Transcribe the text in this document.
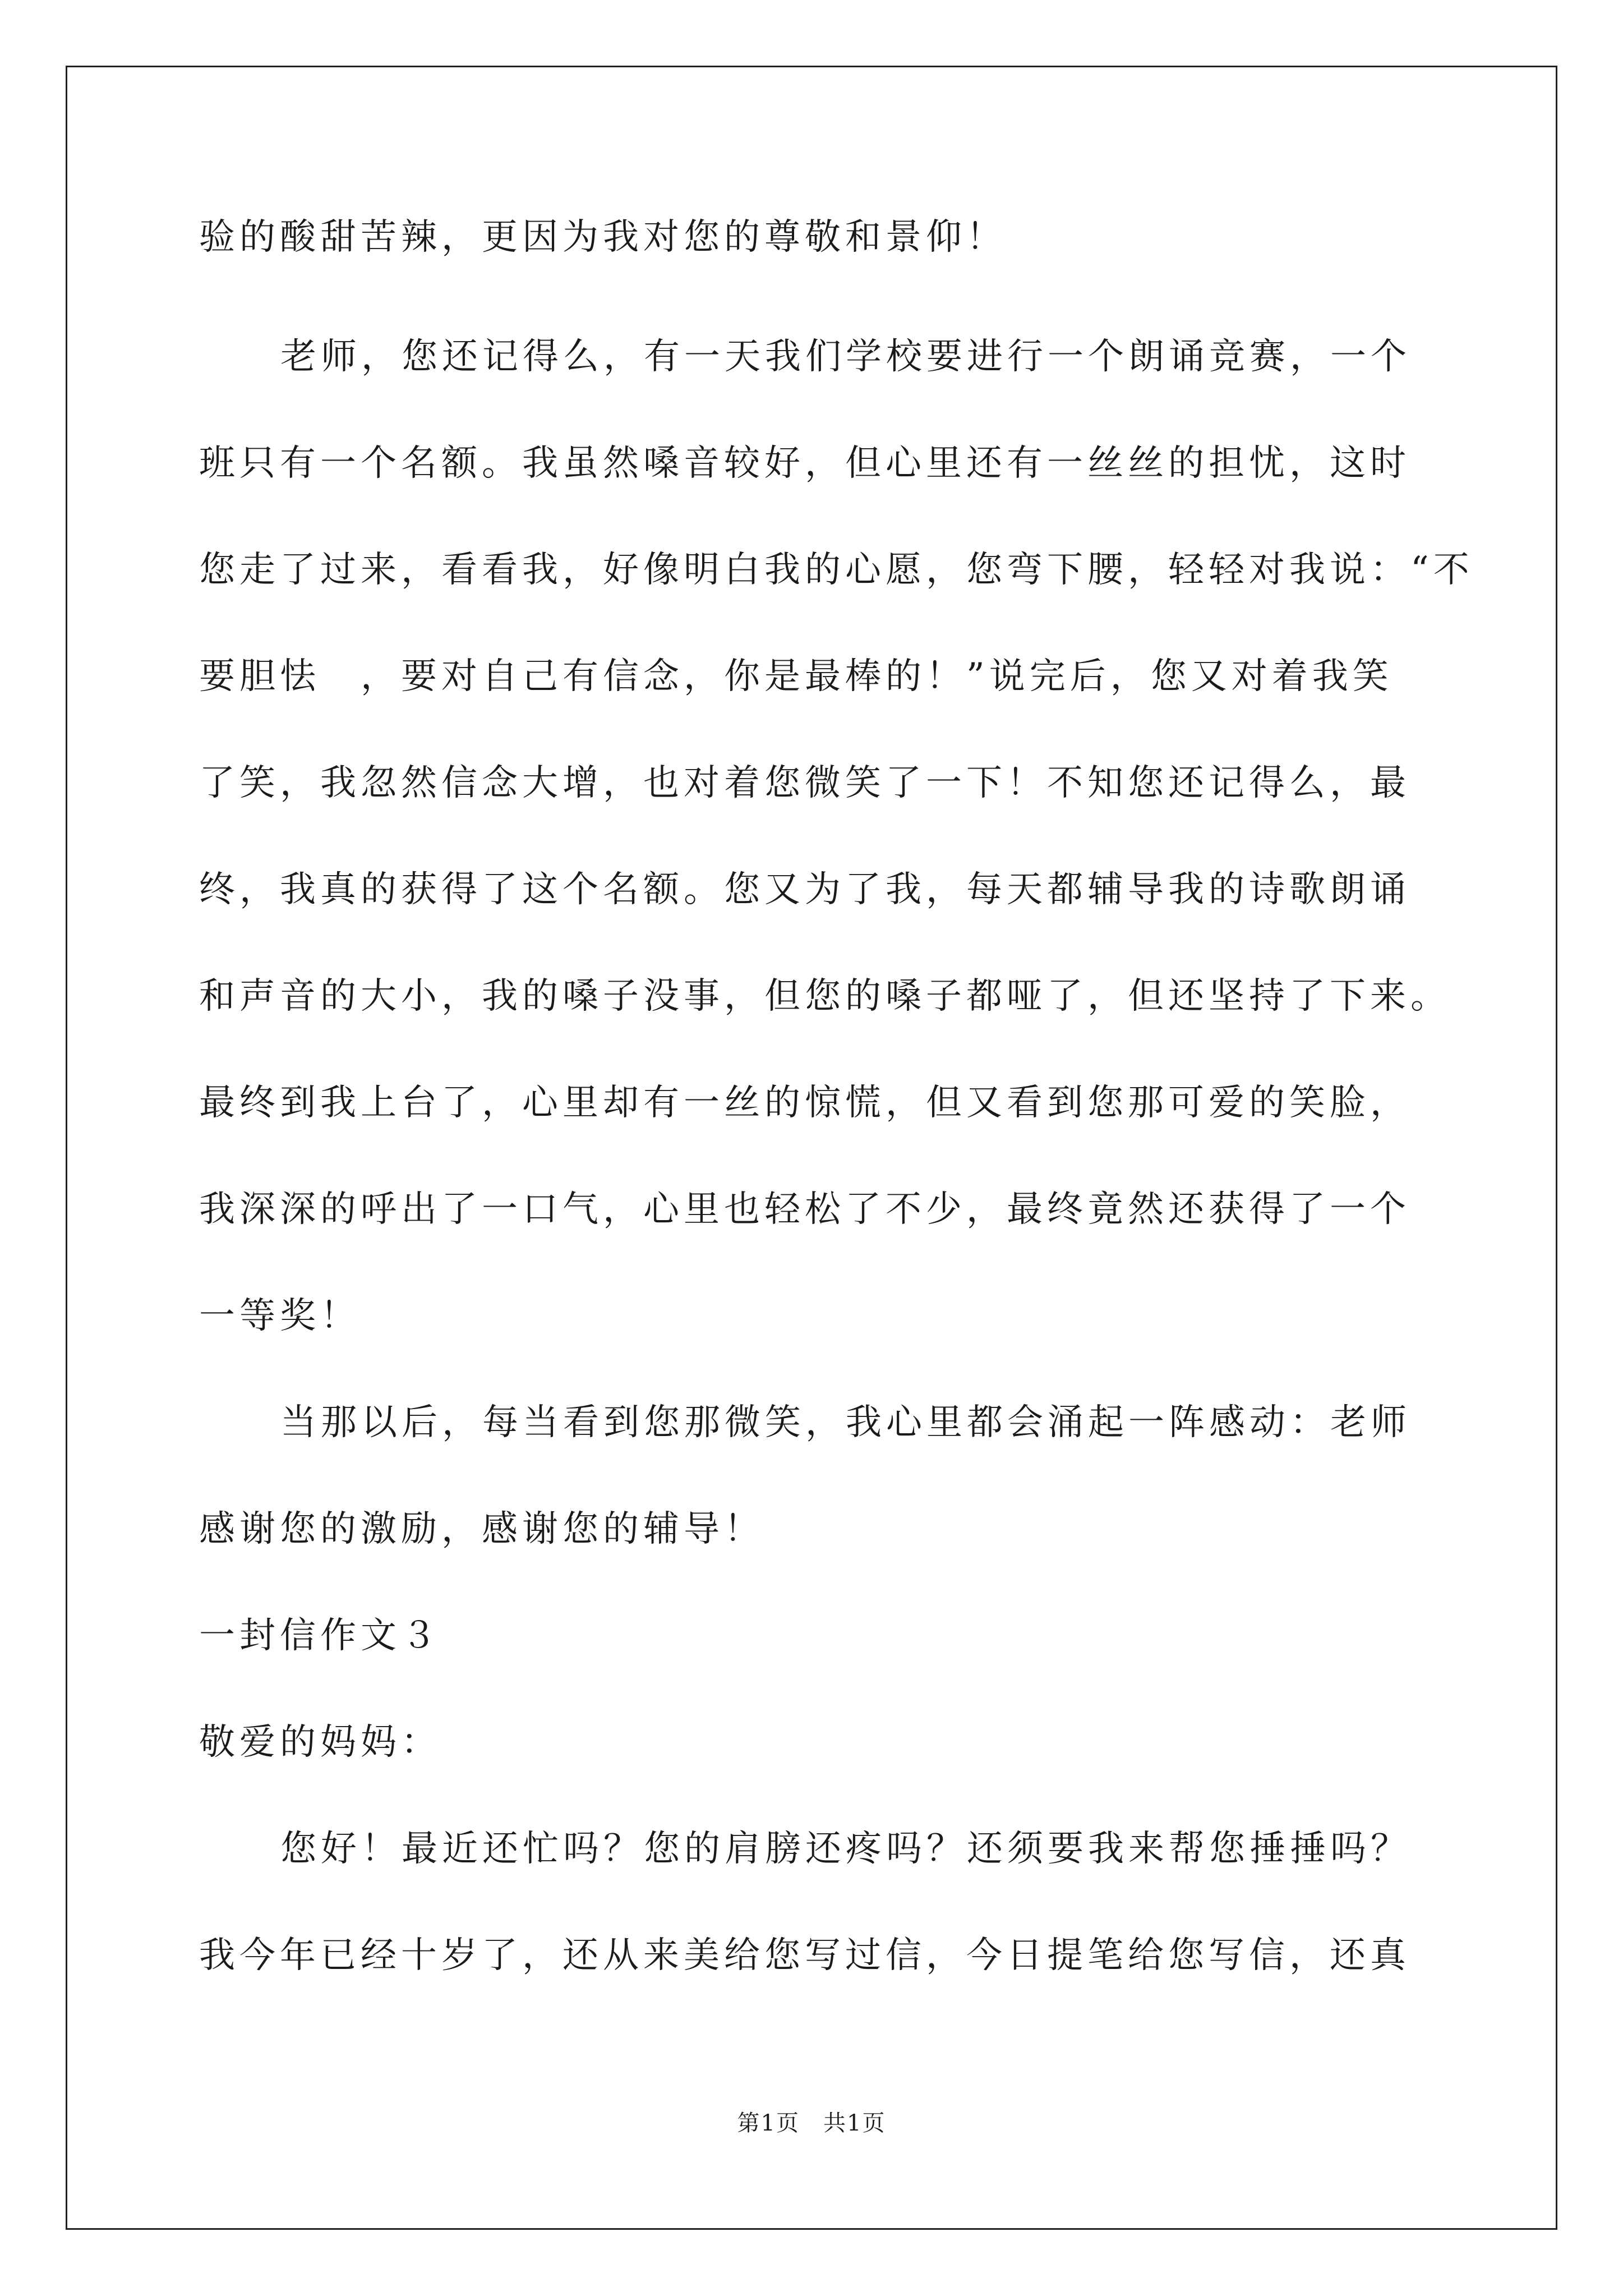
验的酸甜苦辣，更因为我对您的尊敬和景仰！
老师，您还记得么，有一天我们学校要进行一个朗诵竞赛，一个
班只有一个名额。我虽然嗓音较好，但心里还有一丝丝的担忧，这时
您走了过来，看看我，好像明白我的心愿，您弯下腰，轻轻对我说：“不
要胆怯　，要对自己有信念，你是最棒的！”说完后，您又对着我笑
了笑，我忽然信念大增，也对着您微笑了一下！不知您还记得么，最
终，我真的获得了这个名额。您又为了我，每天都辅导我的诗歌朗诵
和声音的大小，我的嗓子没事，但您的嗓子都哑了，但还坚持了下来。
最终到我上台了，心里却有一丝的惊慌，但又看到您那可爱的笑脸，
我深深的呼出了一口气，心里也轻松了不少，最终竟然还获得了一个
一等奖！
当那以后，每当看到您那微笑，我心里都会涌起一阵感动：老师
感谢您的激励，感谢您的辅导！
一封信作文３
敬爱的妈妈：
您好！最近还忙吗？您的肩膀还疼吗？还须要我来帮您捶捶吗？
我今年已经十岁了，还从来美给您写过信，今日提笔给您写信，还真
第1页　共1页
